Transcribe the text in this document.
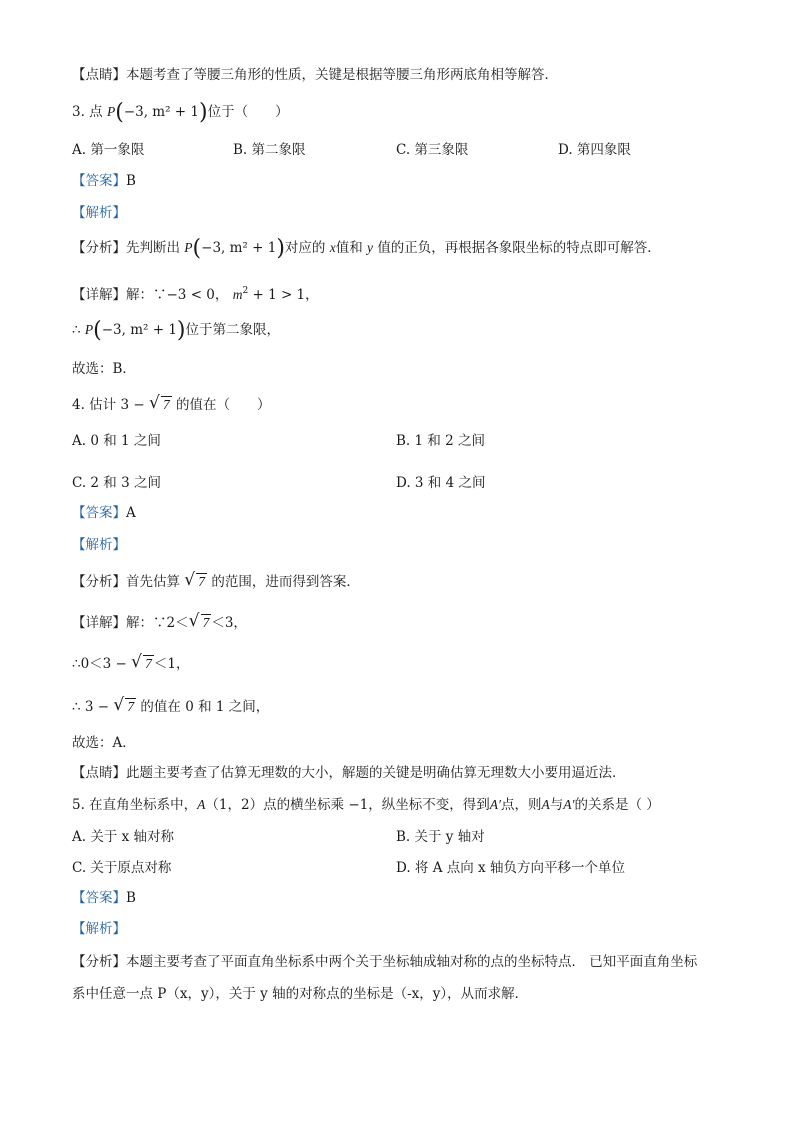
【点睛】本题考查了等腰三角形的性质，关键是根据等腰三角形两底角相等解答．
3. 点 P(−3, m² + 1)位于（　　）
A. 第一象限	B. 第二象限	C. 第三象限	D. 第四象限
【答案】B
【解析】
【分析】先判断出 P(−3, m² + 1)对应的 x值和 y 值的正负，再根据各象限坐标的特点即可解答．
【详解】解：∵−3 < 0， $m^2 + 1 > 1$，
∴ P(−3, m² + 1)位于第二象限，
故选：B．
4. 估计 3 − √ 7 的值在（　　）
A. 0 和 1 之间	B. 1 和 2 之间
C. 2 和 3 之间	D. 3 和 4 之间
【答案】A
【解析】
【分析】首先估算 √ 7 的范围，进而得到答案．
【详解】解：∵2＜ √ 7 ＜3，
∴0＜3 − √ 7 ＜1，
∴ 3 − √ 7 的值在 0 和 1 之间，
故选：A．
【点睛】此题主要考查了估算无理数的大小，解题的关键是明确估算无理数大小要用逼近法．
5. 在直角坐标系中，A（1，2）点的横坐标乘 −1，纵坐标不变，得到A′点，则A与A′的关系是（ ）
A. 关于 x 轴对称	B. 关于 y 轴对
C. 关于原点对称	D. 将 A 点向 x 轴负方向平移一个单位
【答案】B
【解析】
【分析】本题主要考查了平面直角坐标系中两个关于坐标轴成轴对称的点的坐标特点． 已知平面直角坐标
系中任意一点 P（x，y），关于 y 轴的对称点的坐标是（-x，y），从而求解．
